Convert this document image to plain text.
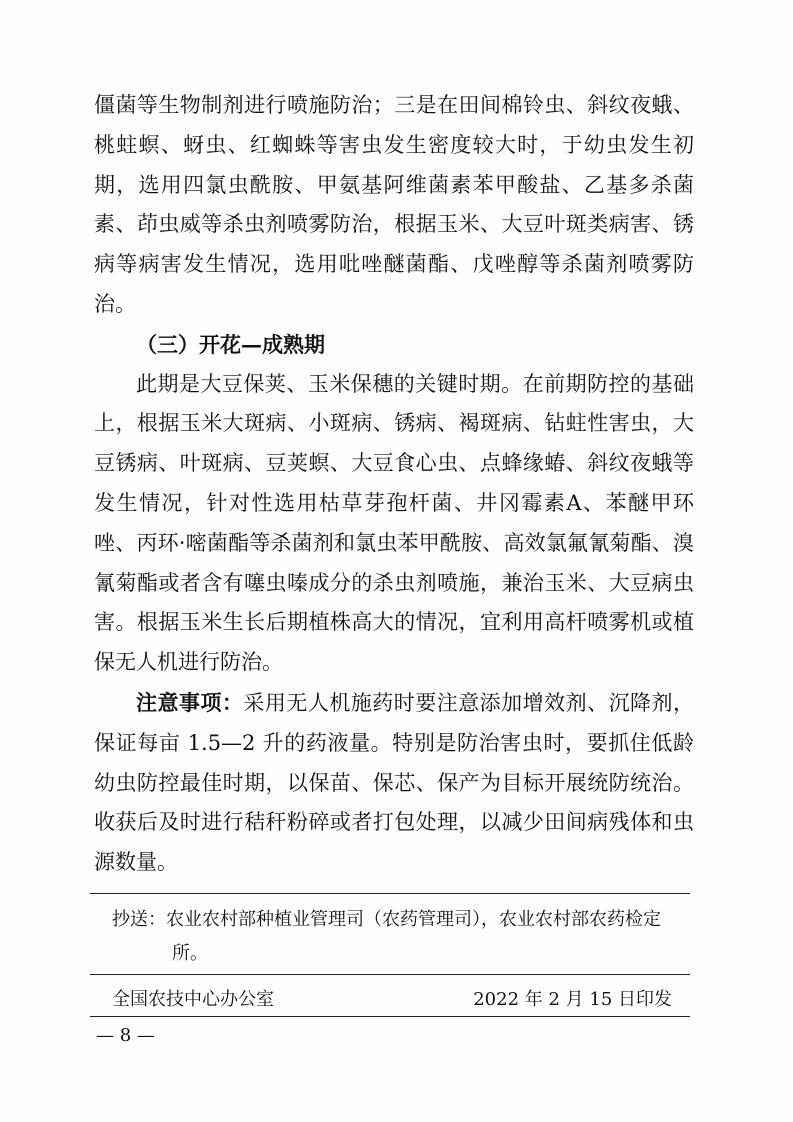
僵菌等生物制剂进行喷施防治；三是在田间棉铃虫、斜纹夜蛾、桃蛀螟、蚜虫、红蜘蛛等害虫发生密度较大时，于幼虫发生初期，选用四氯虫酰胺、甲氨基阿维菌素苯甲酸盐、乙基多杀菌素、茚虫威等杀虫剂喷雾防治，根据玉米、大豆叶斑类病害、锈病等病害发生情况，选用吡唑醚菌酯、戊唑醇等杀菌剂喷雾防治。

（三）开花—成熟期

此期是大豆保荚、玉米保穗的关键时期。在前期防控的基础上，根据玉米大斑病、小斑病、锈病、褐斑病、钻蛀性害虫，大豆锈病、叶斑病、豆荚螟、大豆食心虫、点蜂缘蝽、斜纹夜蛾等发生情况，针对性选用枯草芽孢杆菌、井冈霉素A、苯醚甲环唑、丙环·嘧菌酯等杀菌剂和氯虫苯甲酰胺、高效氯氟氰菊酯、溴氰菊酯或者含有噻虫嗪成分的杀虫剂喷施，兼治玉米、大豆病虫害。根据玉米生长后期植株高大的情况，宜利用高杆喷雾机或植保无人机进行防治。

注意事项：采用无人机施药时要注意添加增效剂、沉降剂，保证每亩 1.5—2 升的药液量。特别是防治害虫时，要抓住低龄幼虫防控最佳时期，以保苗、保芯、保产为目标开展统防统治。收获后及时进行秸秆粉碎或者打包处理，以减少田间病残体和虫源数量。

抄送：农业农村部种植业管理司（农药管理司），农业农村部农药检定
所。
全国农技中心办公室	2022 年 2 月 15 日印发
— 8 —
